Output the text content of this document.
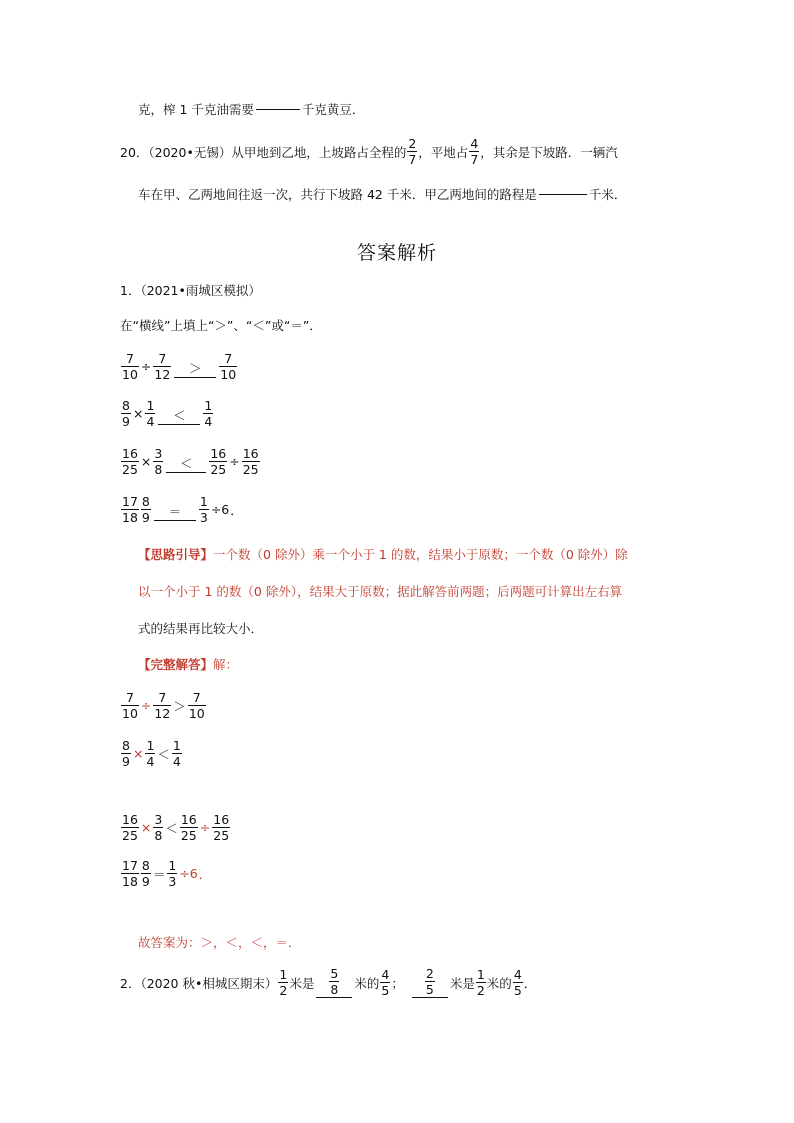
克，榨 1 千克油需要	千克黄豆．
20．（2020•无锡）从甲地到乙地，上坡路占全程的
2
7 ，平地占
4
7 ，其余是下坡路．一辆汽
车在甲、乙两地间往返一次，共行下坡路 42 千米．甲乙两地间的路程是	千米．
答案解析
1．（2021•雨城区模拟）
在“横线”上填上“＞”、“＜”或“＝”．
$\frac{7}{10} \div \frac{7}{12}$ ＞
7
10
$\frac{8}{9} \times \frac{1}{4}$ ＜
1
4
$\frac{16}{25} \times \frac{3}{8} < \frac{16}{25} \div \frac{16}{25}$
17
18
8
$9 = \frac{1}{3} \div 6$ ．
【思路引导】 一个数（0 除外）乘一个小于 1 的数，结果小于原数；一个数（0 除外）除
以一个小于 1 的数（0 除外），结果大于原数；据此解答前两题；后两题可计算出左右算
式的结果再比较大小．
【完整解答】 解：
$\frac{7}{10} \div \frac{7}{12}$ ＞
7
10
$\frac{8}{9} \times \frac{1}{4}$ ＜
1
4
$\frac{16}{25} \times \frac{3}{8} < \frac{16}{25} \div \frac{16}{25}$
17
18
8
$9 = \frac{1}{3} \div 6$ ．
故答案为：＞，＜，＜，＝．
2．（2020 秋•相城区期末）
1
2 米是
5
8 米的
4
5 ；
2
5 米是
1
2 米的
4
5 ．
